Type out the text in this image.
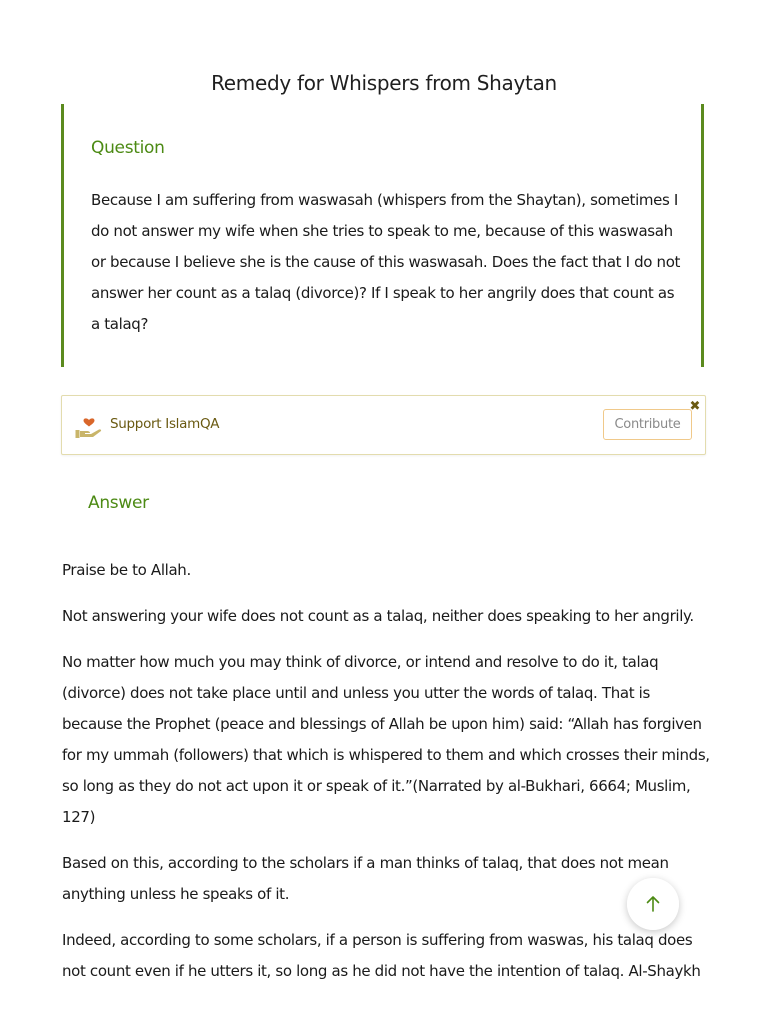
Remedy for Whispers from Shaytan
Question

Because I am suffering from waswasah (whispers from the Shaytan), sometimes I do not answer my wife when she tries to speak to me, because of this waswasah or because I believe she is the cause of this waswasah. Does the fact that I do not answer her count as a talaq (divorce)? If I speak to her angrily does that count as a talaq?

Support IslamQA	Contribute
✖
Answer

Praise be to Allah.

Not answering your wife does not count as a talaq, neither does speaking to her angrily.

No matter how much you may think of divorce, or intend and resolve to do it, talaq (divorce) does not take place until and unless you utter the words of talaq. That is because the Prophet (peace and blessings of Allah be upon him) said: “Allah has forgiven for my ummah (followers) that which is whispered to them and which crosses their minds, so long as they do not act upon it or speak of it.”(Narrated by al-Bukhari, 6664; Muslim, 127)

Based on this, according to the scholars if a man thinks of talaq, that does not mean anything unless he speaks of it.

Indeed, according to some scholars, if a person is suffering from waswas, his talaq does not count even if he utters it, so long as he did not have the intention of talaq. Al-Shaykh
